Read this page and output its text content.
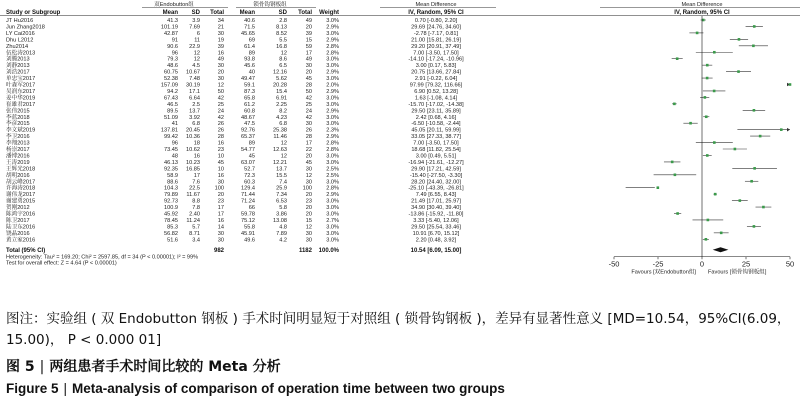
双Endobutton组	锁骨钩钢板组	Mean Difference	Mean Difference
Study or Subgroup	Mean SD Total	Mean	SD Total Weight	IV, Random, 95% CI	IV, Random, 95% CI
JT Hu2016	41.3	3.9	34	40.6	2.8	49	3.0%	0.70 [-0.80, 2.20]
Jun Zhang2018	101.19 7.69	21	71.5	8.13	20	2.9%	29.69 [24.76, 34.60]
LY Cai2016	42.87	6	30	45.65	8.52	39	3.0%	-2.78 [-7.17, 0.81]
Dhu L2012	91	11	19	69	5.5	15	2.9%	21.00 [15.81, 26.19]
Zhu2014	90.6 22.9	39	61.4	16.8	59	2.8%	29.20 [20.91, 37.49]
伍松涛2013	96	12	16	89	12	17	2.8%	7.00 [-3.50, 17.50]
刘腾2013	79.3	12	49	93.8	8.6	49	3.0%	-14.10 [-17.24, -10.96]
刘静2013	48.6	4.5	30	45.6	6.5	30	3.0%	3.00 [0.17, 5.83]
刘浩2017	60.75 10.67	20	40	12.16	20	2.9%	20.75 [13.66, 27.84]
单忠宝2017	52.38 7.48	30	49.47	5.62	45	3.0%	2.91 [-0.22, 6.04]
叶森军2017	157.09 30.19	12	59.1	20.28	28	2.0%	97.99 [79.32, 116.66]
吴润东2017	94.2 17.1	50	87.3	15.4	50	2.9%	6.90 [0.52, 13.28]
姜中华2019	67.43 6.64	42	65.8	6.91	42	3.0%	1.63 [-1.08, 4.14]
崔雄君2017	46.5	2.5	25	61.2	2.25	25	3.0%	-15.70 [-17.02, -14.38]
张伟2015	89.5 13.7	24	60.8	8.2	24	2.9%	29.50 [23.11, 35.89]
李蓝2018	51.09 3.92	42	48.67	4.23	42	3.0%	2.42 [0.68, 4.16]
李彦2015	41	6.8	26	47.5	6.8	30	3.0%	-6.50 [-10.58, -2.44]
李文斌2019	137.81 20.45	26	92.76	25.38	26	2.3%	45.05 [20.11, 59.99]
李卫2016	99.42 10.36	28	65.37	11.46	28	2.9%	33.05 [27.33, 38.77]
李翔2013	96	18	16	89	12	17	2.8%	7.00 [-3.50, 17.50]
杨崇2017	73.45 10.62	23	54.77	12.63	22	2.8%	18.68 [11.82, 25.54]
潘博2016	48	16	10	45	12	20	3.0%	3.00 [0.49, 5.51]
王涛2019	46.13 10.23	45	63.07	12.21	45	3.0%	-16.94 [-21.61, -12.27]
王辉光2018	92.35 16.85	10	52.7	13.7	30	2.5%	29.90 [17.21, 42.59]
胡明2016	58.9	17	16	72.3	15.5	12	2.5%	-15.40 [-27.50, -3.30]
胡云峰2017	88.6	7.6	30	60.3	7.4	30	3.0%	28.20 [24.40, 32.00]
许海涛2018	104.3 22.5	100	129.4	25.9	100	2.8%	-25.10 [-43.39, -26.81]
谢伟龙2017	79.89 11.67	20	71.44	7.34	20	2.9%	7.49 [6.55, 8.43]
谢建勇2015	92.73	8.8	23	71.24	6.53	23	3.0%	21.49 [17.01, 25.97]
贺刚2012	100.9	7.8	17	66	5.8	20	3.0%	34.90 [30.40, 39.40]
陈鸿宇2016	45.92 2.40	17	59.78	3.86	20	3.0%	-13.86 [-15.92, -11.80]
陈卫2017	78.45 11.24	16	75.12	13.08	15	2.7%	3.33 [-5.40, 12.06]
陆卫东2016	85.3	5.7	14	55.8	4.8	12	3.0%	29.50 [25.54, 33.46]
饶晶2016	56.82 8.71	30	45.91	7.89	30	3.0%	10.91 [6.70, 15.12]
黄立家2016	51.6	3.4	30	49.6	4.2	30	3.0%	2.20 [0.48, 3.92]
Total (95% CI)	982	1182 100.0%	10.54 [6.09, 15.00]
Heterogeneity: Tau² = 169.20; Chi² = 2597.85, df = 34 (P < 0.00001); I² = 99%
Test for overall effect: Z = 4.64 (P < 0.00001)	-50	-25	0	25	50
Favours [双Endobutton组] Favours [锁骨钩钢板组]

图注：实验组 ( 双 Endobutton 钢板 ) 手术时间明显短于对照组 ( 锁骨钩钢板 )，差异有显著性意义 [MD=10.54，95%CI(6.09，15.00)， P < 0.000 01]

图 5 | 两组患者手术时间比较的 Meta 分析

Figure 5 | Meta-analysis of comparison of operation time between two groups
